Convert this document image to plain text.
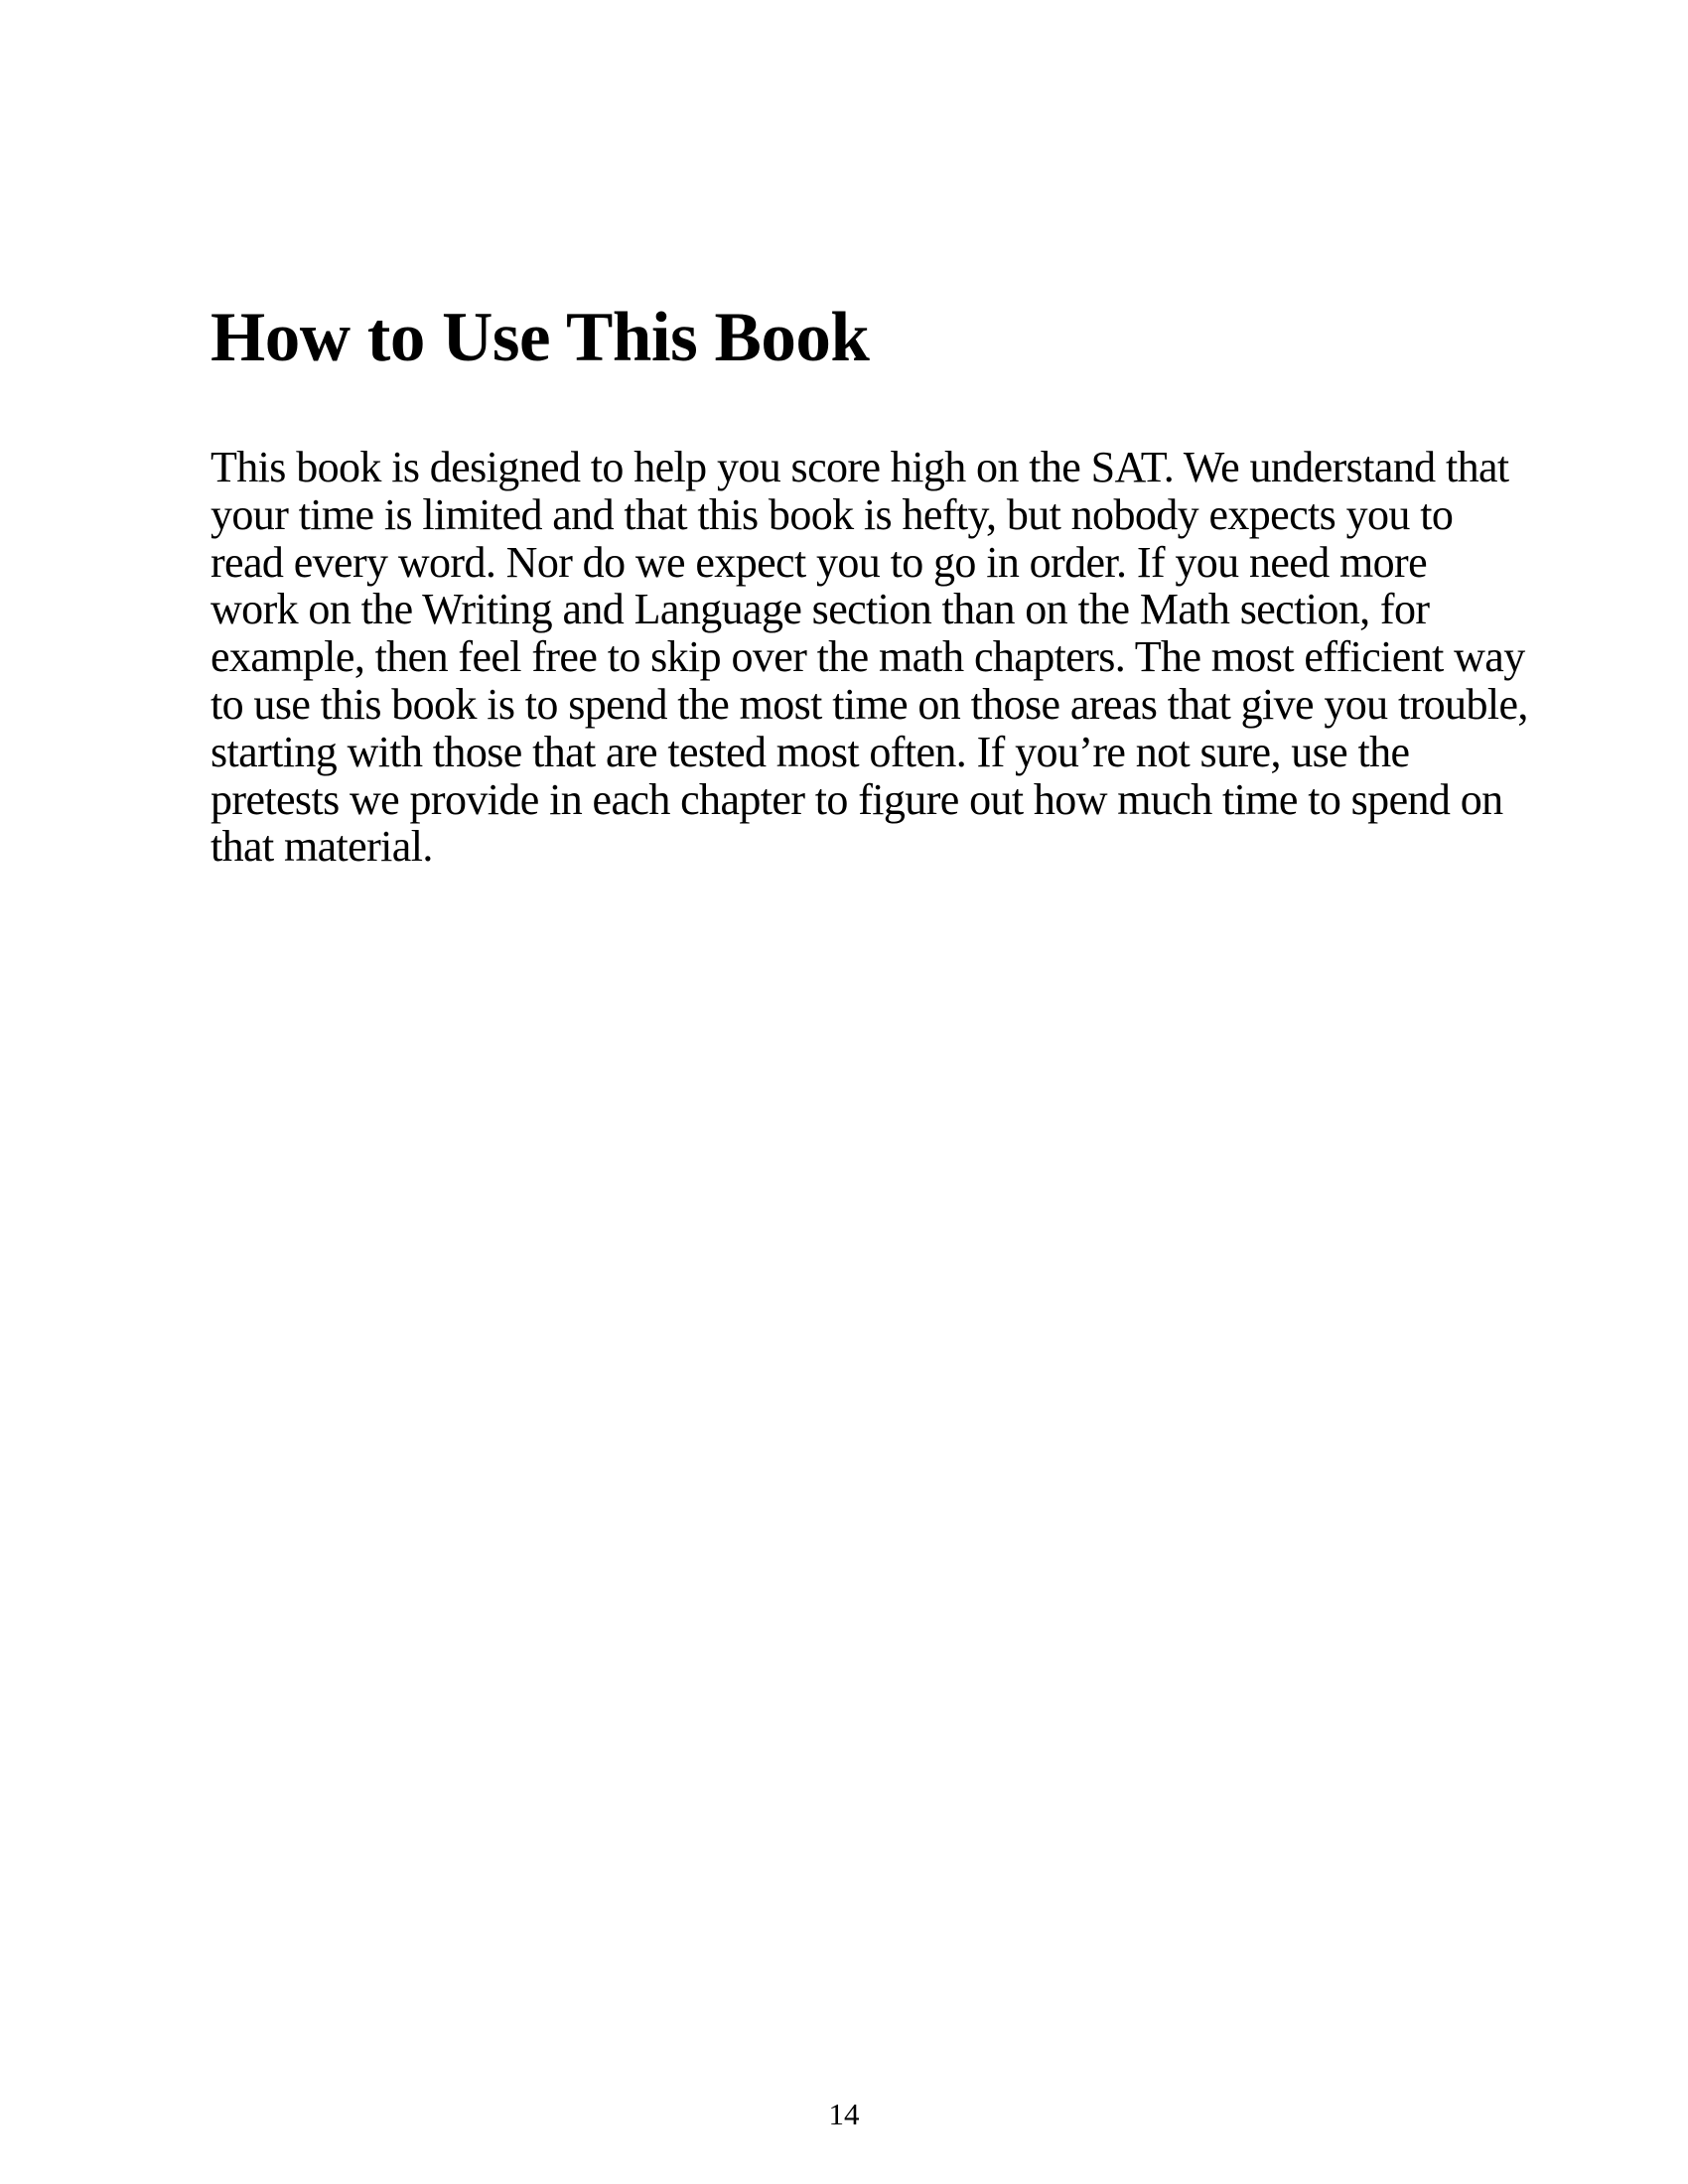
How to Use This Book
This book is designed to help you score high on the SAT. We understand that
your time is limited and that this book is hefty, but nobody expects you to
read every word. Nor do we expect you to go in order. If you need more
work on the Writing and Language section than on the Math section, for
example, then feel free to skip over the math chapters. The most efficient way
to use this book is to spend the most time on those areas that give you trouble,
starting with those that are tested most often. If you’re not sure, use the
pretests we provide in each chapter to figure out how much time to spend on
that material.
14
